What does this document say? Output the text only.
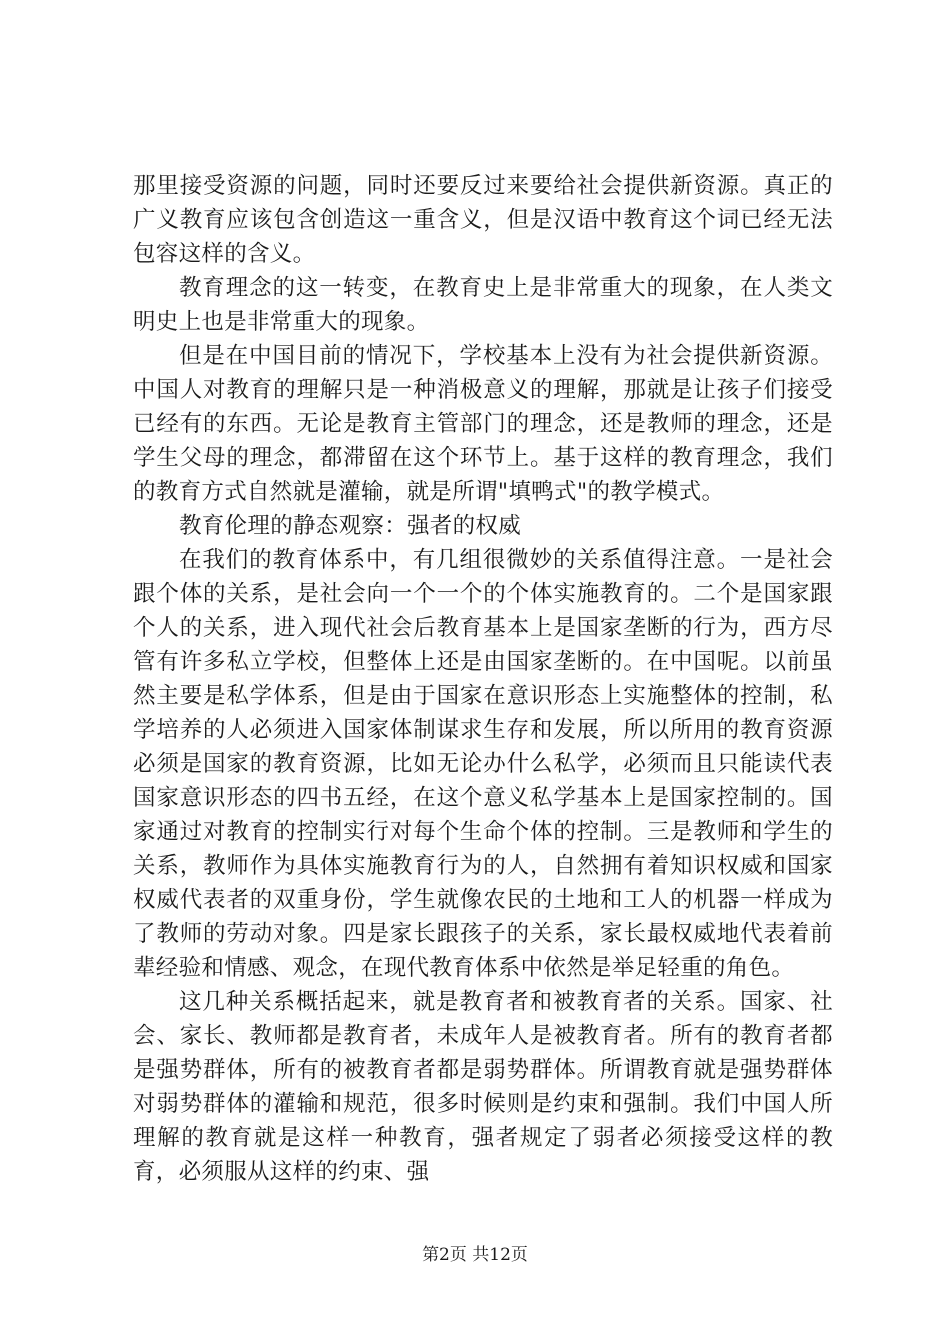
那里接受资源的问题，同时还要反过来要给社会提供新资源。真正的广义教育应该包含创造这一重含义，但是汉语中教育这个词已经无法包容这样的含义。

教育理念的这一转变，在教育史上是非常重大的现象，在人类文明史上也是非常重大的现象。

但是在中国目前的情况下，学校基本上没有为社会提供新资源。中国人对教育的理解只是一种消极意义的理解，那就是让孩子们接受已经有的东西。无论是教育主管部门的理念，还是教师的理念，还是学生父母的理念，都滞留在这个环节上。基于这样的教育理念，我们的教育方式自然就是灌输，就是所谓"填鸭式"的教学模式。

教育伦理的静态观察：强者的权威

在我们的教育体系中，有几组很微妙的关系值得注意。一是社会跟个体的关系，是社会向一个一个的个体实施教育的。二个是国家跟个人的关系，进入现代社会后教育基本上是国家垄断的行为，西方尽管有许多私立学校，但整体上还是由国家垄断的。在中国呢。以前虽然主要是私学体系，但是由于国家在意识形态上实施整体的控制，私学培养的人必须进入国家体制谋求生存和发展，所以所用的教育资源必须是国家的教育资源，比如无论办什么私学，必须而且只能读代表国家意识形态的四书五经，在这个意义私学基本上是国家控制的。国家通过对教育的控制实行对每个生命个体的控制。三是教师和学生的关系，教师作为具体实施教育行为的人，自然拥有着知识权威和国家权威代表者的双重身份，学生就像农民的土地和工人的机器一样成为了教师的劳动对象。四是家长跟孩子的关系，家长最权威地代表着前辈经验和情感、观念，在现代教育体系中依然是举足轻重的角色。

这几种关系概括起来，就是教育者和被教育者的关系。国家、社会、家长、教师都是教育者，未成年人是被教育者。所有的教育者都是强势群体，所有的被教育者都是弱势群体。所谓教育就是强势群体对弱势群体的灌输和规范，很多时候则是约束和强制。我们中国人所理解的教育就是这样一种教育，强者规定了弱者必须接受这样的教育，必须服从这样的约束、强

第2页 共12页
